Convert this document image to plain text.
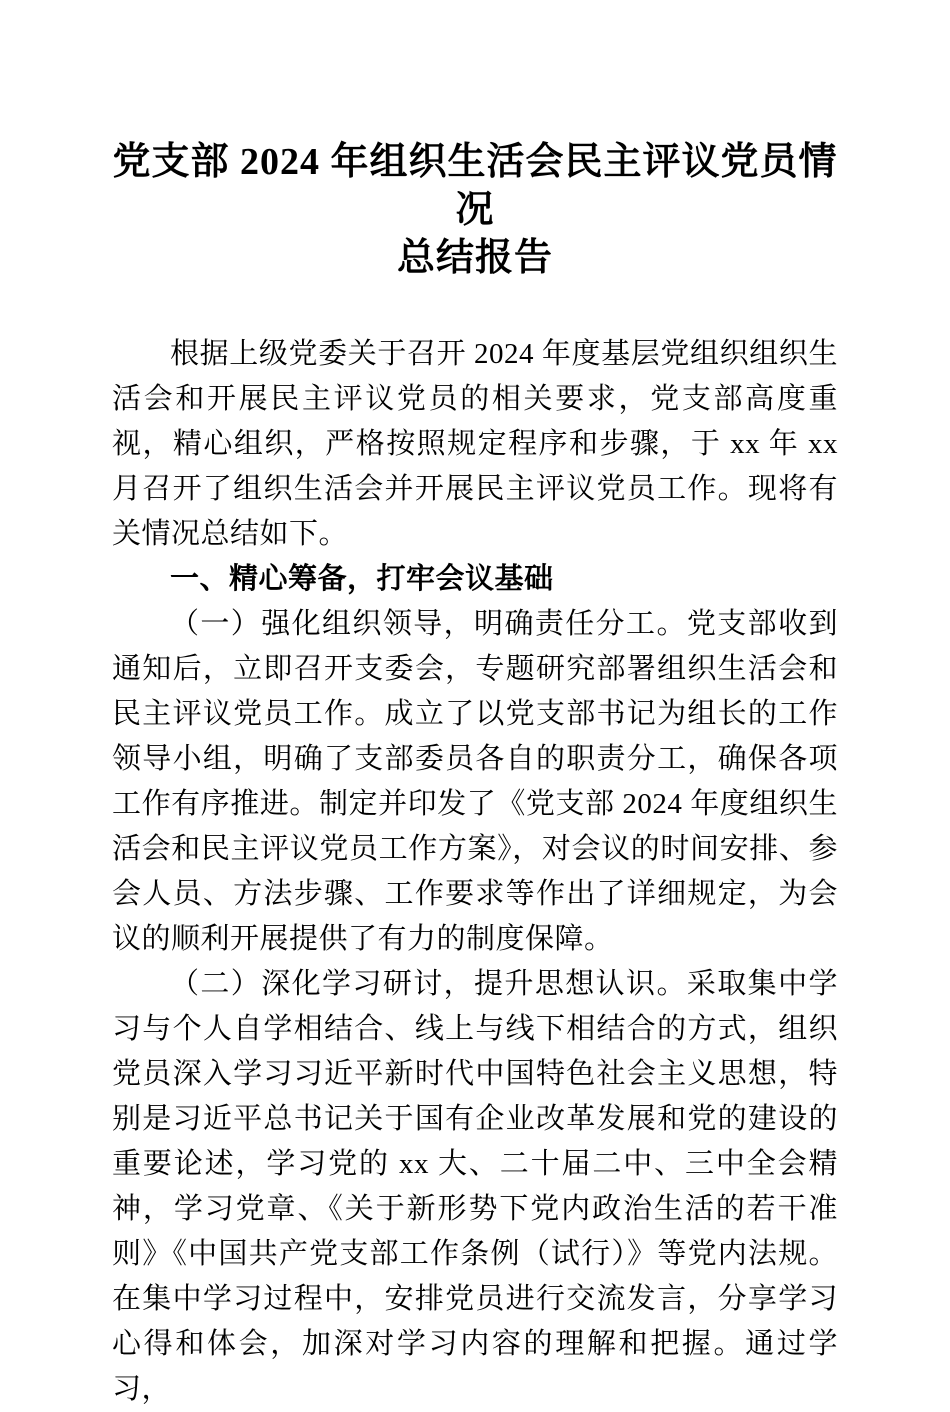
党支部 2024 年组织生活会民主评议党员情况
总结报告

根据上级党委关于召开 2024 年度基层党组织组织生活会和开展民主评议党员的相关要求，党支部高度重视，精心组织，严格按照规定程序和步骤，于 xx 年 xx 月召开了组织生活会并开展民主评议党员工作。现将有关情况总结如下。

一、精心筹备，打牢会议基础

（一）强化组织领导，明确责任分工。党支部收到通知后，立即召开支委会，专题研究部署组织生活会和民主评议党员工作。成立了以党支部书记为组长的工作领导小组，明确了支部委员各自的职责分工，确保各项工作有序推进。制定并印发了《党支部 2024 年度组织生活会和民主评议党员工作方案》，对会议的时间安排、参会人员、方法步骤、工作要求等作出了详细规定，为会议的顺利开展提供了有力的制度保障。

（二）深化学习研讨，提升思想认识。采取集中学习与个人自学相结合、线上与线下相结合的方式，组织党员深入学习习近平新时代中国特色社会主义思想，特别是习近平总书记关于国有企业改革发展和党的建设的重要论述，学习党的 xx 大、二十届二中、三中全会精神，学习党章、《关于新形势下党内政治生活的若干准则》《中国共产党支部工作条例（试行）》等党内法规。在集中学习过程中，安排党员进行交流发言，分享学习心得和体会，加深对学习内容的理解和把握。通过学习，
